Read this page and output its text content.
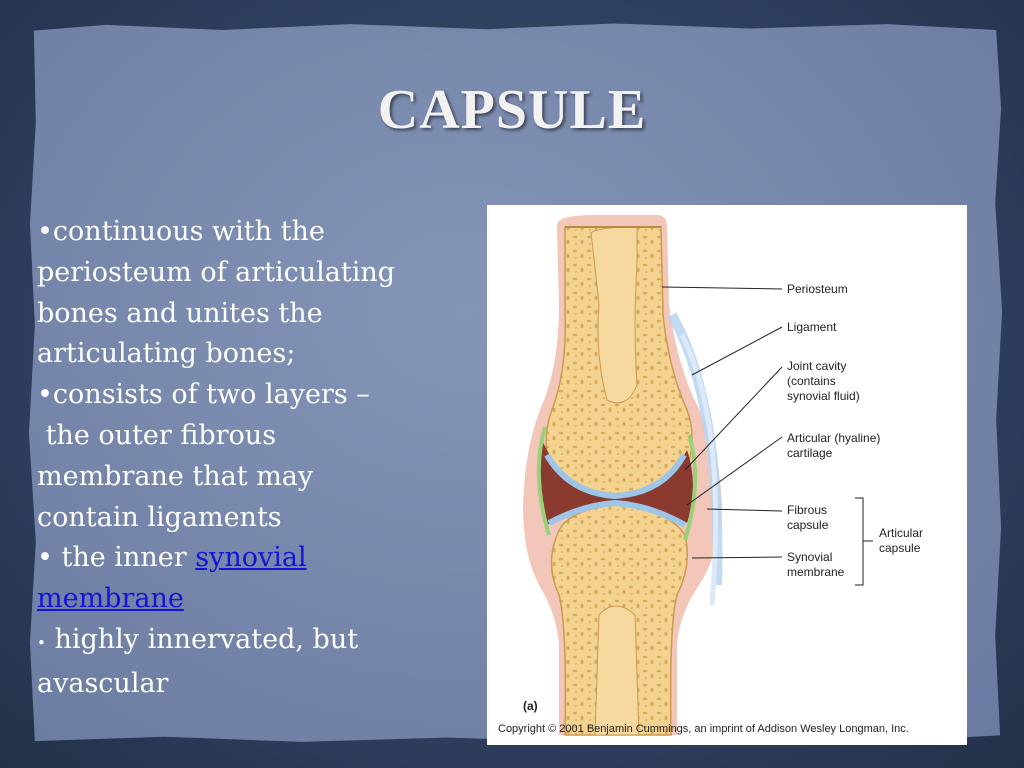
CAPSULE
•continuous with the
periosteum of articulating
bones and unites the
articulating bones;
•consists of two layers –
the outer fibrous
membrane that may
contain ligaments
• the inner synovial
membrane
• highly innervated, but
avascular
Periosteum
Ligament
Joint cavity
(contains
synovial fluid)
Articular (hyaline)
cartilage
Fibrous
capsule
Synovial
membrane
Articular
capsule
(a)
Copyright © 2001 Benjamin Cummings, an imprint of Addison Wesley Longman, Inc.
